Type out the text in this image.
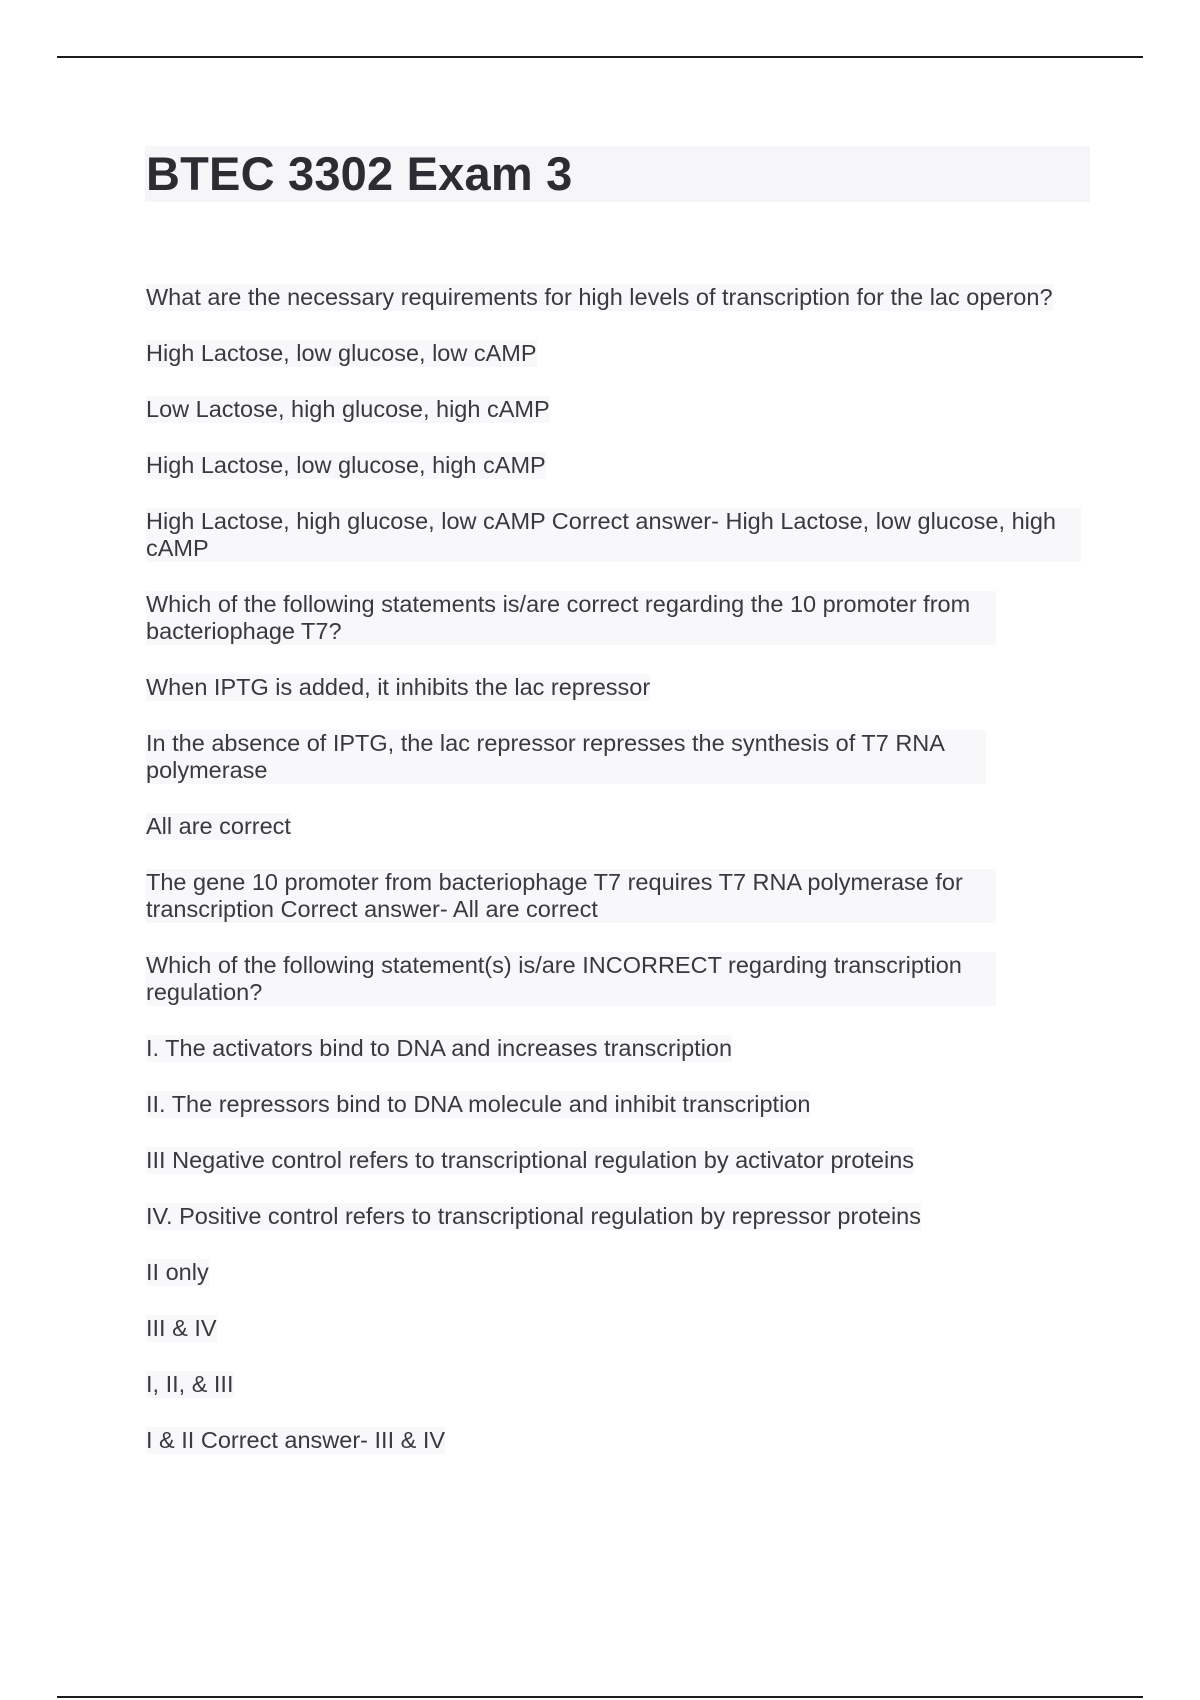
BTEC 3302 Exam 3

What are the necessary requirements for high levels of transcription for the lac operon?

High Lactose, low glucose, low cAMP

Low Lactose, high glucose, high cAMP

High Lactose, low glucose, high cAMP

High Lactose, high glucose, low cAMP Correct answer- High Lactose, low glucose, high cAMP

Which of the following statements is/are correct regarding the 10 promoter from bacteriophage T7?

When IPTG is added, it inhibits the lac repressor

In the absence of IPTG, the lac repressor represses the synthesis of T7 RNA polymerase

All are correct

The gene 10 promoter from bacteriophage T7 requires T7 RNA polymerase for transcription Correct answer- All are correct

Which of the following statement(s) is/are INCORRECT regarding transcription regulation?

I. The activators bind to DNA and increases transcription

II. The repressors bind to DNA molecule and inhibit transcription

III Negative control refers to transcriptional regulation by activator proteins

IV. Positive control refers to transcriptional regulation by repressor proteins

II only

III & IV

I, II, & III

I & II Correct answer- III & IV
